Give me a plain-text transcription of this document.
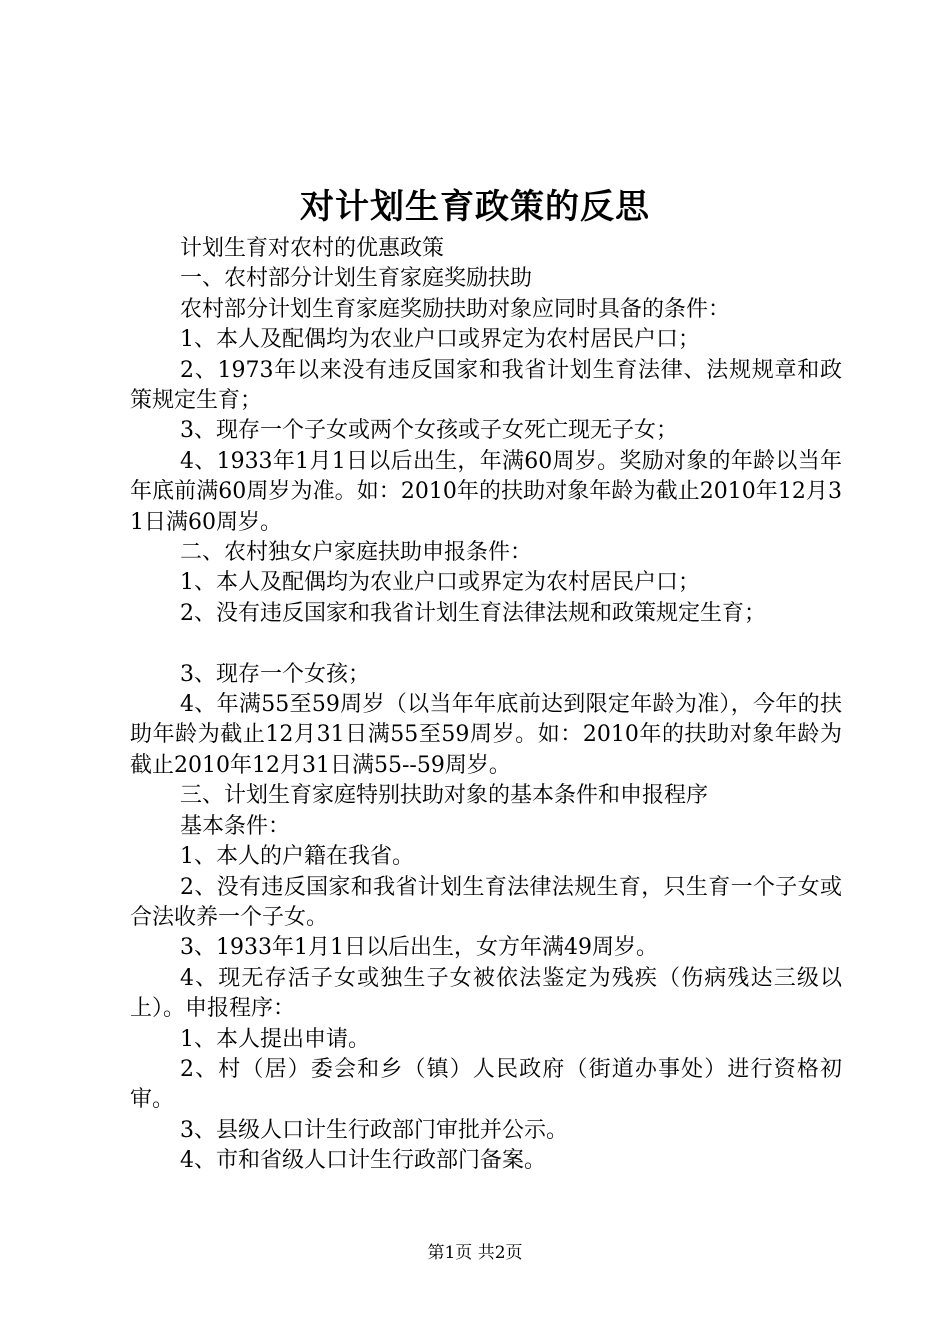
对计划生育政策的反思

计划生育对农村的优惠政策

一、农村部分计划生育家庭奖励扶助

农村部分计划生育家庭奖励扶助对象应同时具备的条件：

1、本人及配偶均为农业户口或界定为农村居民户口；

2、1973年以来没有违反国家和我省计划生育法律、法规规章和政策规定生育；

3、现存一个子女或两个女孩或子女死亡现无子女；

4、1933年1月1日以后出生，年满60周岁。奖励对象的年龄以当年年底前满60周岁为准。如：2010年的扶助对象年龄为截止2010年12月31日满60周岁。

二、农村独女户家庭扶助申报条件：

1、本人及配偶均为农业户口或界定为农村居民户口；

2、没有违反国家和我省计划生育法律法规和政策规定生育；

3、现存一个女孩；

4、年满55至59周岁（以当年年底前达到限定年龄为准），今年的扶助年龄为截止12月31日满55至59周岁。如：2010年的扶助对象年龄为截止2010年12月31日满55--59周岁。

三、计划生育家庭特别扶助对象的基本条件和申报程序

基本条件：

1、本人的户籍在我省。

2、没有违反国家和我省计划生育法律法规生育，只生育一个子女或合法收养一个子女。

3、1933年1月1日以后出生，女方年满49周岁。

4、现无存活子女或独生子女被依法鉴定为残疾（伤病残达三级以上）。申报程序：

1、本人提出申请。

2、村（居）委会和乡（镇）人民政府（街道办事处）进行资格初审。

3、县级人口计生行政部门审批并公示。

4、市和省级人口计生行政部门备案。

第1页 共2页
